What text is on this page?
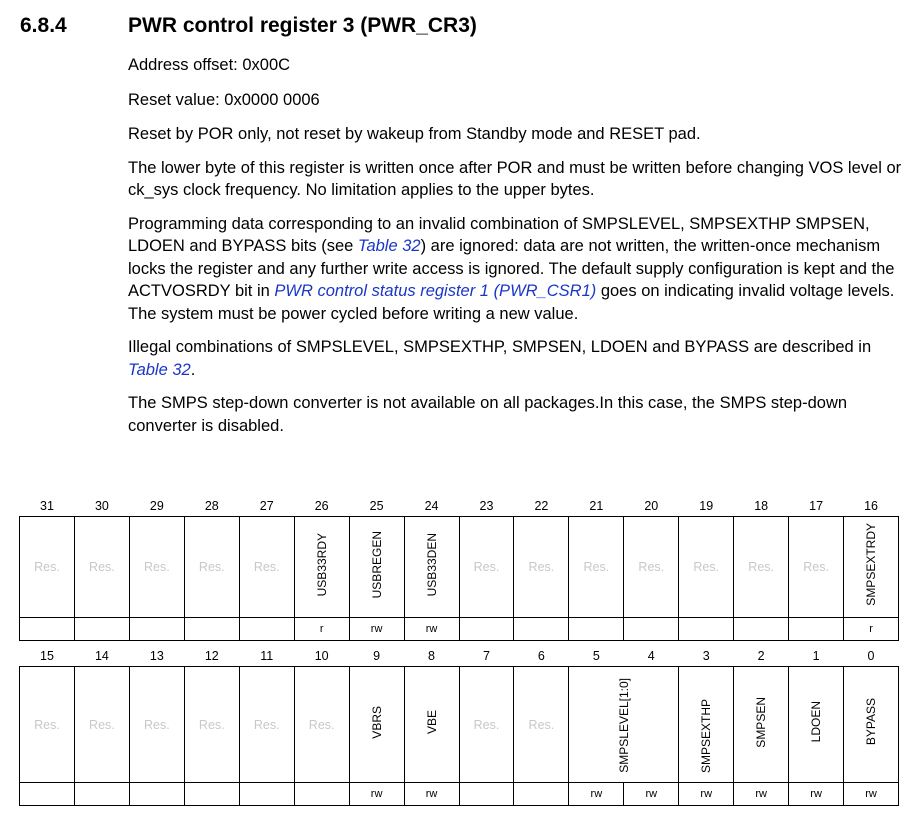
6.8.4	PWR control register 3 (PWR_CR3)

Address offset: 0x00C

Reset value: 0x0000 0006

Reset by POR only, not reset by wakeup from Standby mode and RESET pad.

The lower byte of this register is written once after POR and must be written before changing VOS level or ck_sys clock frequency. No limitation applies to the upper bytes.

Programming data corresponding to an invalid combination of SMPSLEVEL, SMPSEXTHP SMPSEN, LDOEN and BYPASS bits (see Table 32) are ignored: data are not written, the written-once mechanism locks the register and any further write access is ignored. The default supply configuration is kept and the ACTVOSRDY bit in PWR control status register 1 (PWR_CSR1) goes on indicating invalid voltage levels. The system must be power cycled before writing a new value.

Illegal combinations of SMPSLEVEL, SMPSEXTHP, SMPSEN, LDOEN and BYPASS are described in Table 32.

The SMPS step-down converter is not available on all packages.In this case, the SMPS step-down converter is disabled.

31	30	29	28	27	26	25	24	23	22	21	20	19	18	17	16
Res.	Res.	Res.	Res.	Res.	USB33RDY	USBREGEN	USB33DEN	Res.	Res.	Res.	Res.	Res.	Res.	Res.	SMPSEXTRDY
					r	rw	rw								r
15	14	13	12	11	10	9	8	7	6	5	4	3	2	1	0
Res.	Res.	Res.	Res.	Res.	Res.	VBRS	VBE	Res.	Res.	SMPSLEVEL[1:0]		SMPSEXTHP	SMPSEN	LDOEN	BYPASS
						rw	rw			rw	rw	rw	rw	rw	rw
